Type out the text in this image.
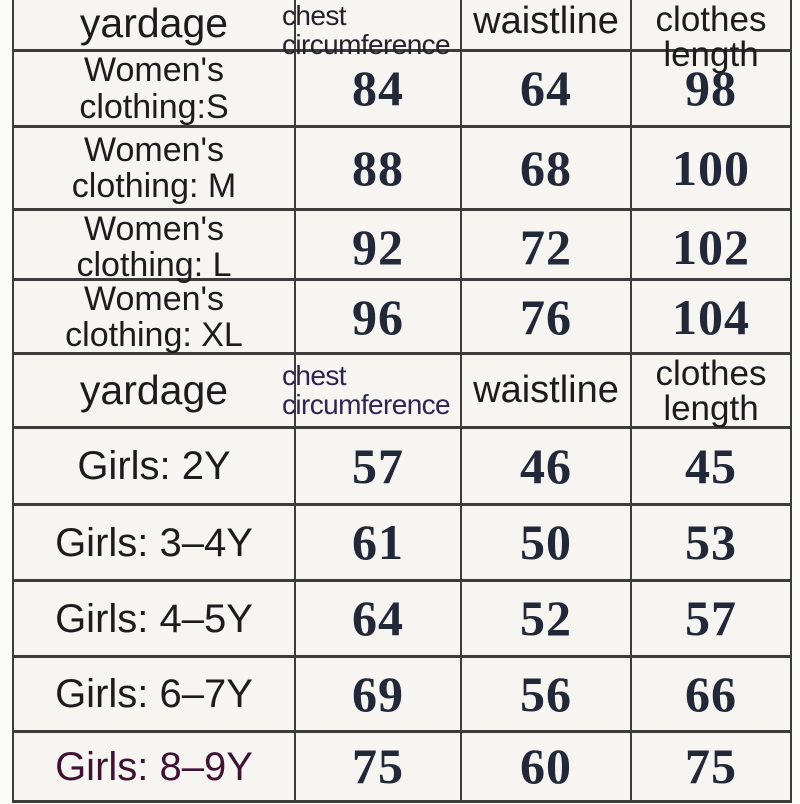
yardage chest
circumference
waistline clothes
length
Women's
clothing:S 84 64 98
Women's
clothing: M 88 68 100
Women's
clothing: L 92 72 102
Women's
clothing: XL 96 76 104
yardage chest
circumference waistline clothes
length
Girls: 2Y 57 46 45
Girls: 3–4Y 61 50 53
Girls: 4–5Y 64 52 57
Girls: 6–7Y 69 56 66
Girls: 8–9Y 75 60 75
